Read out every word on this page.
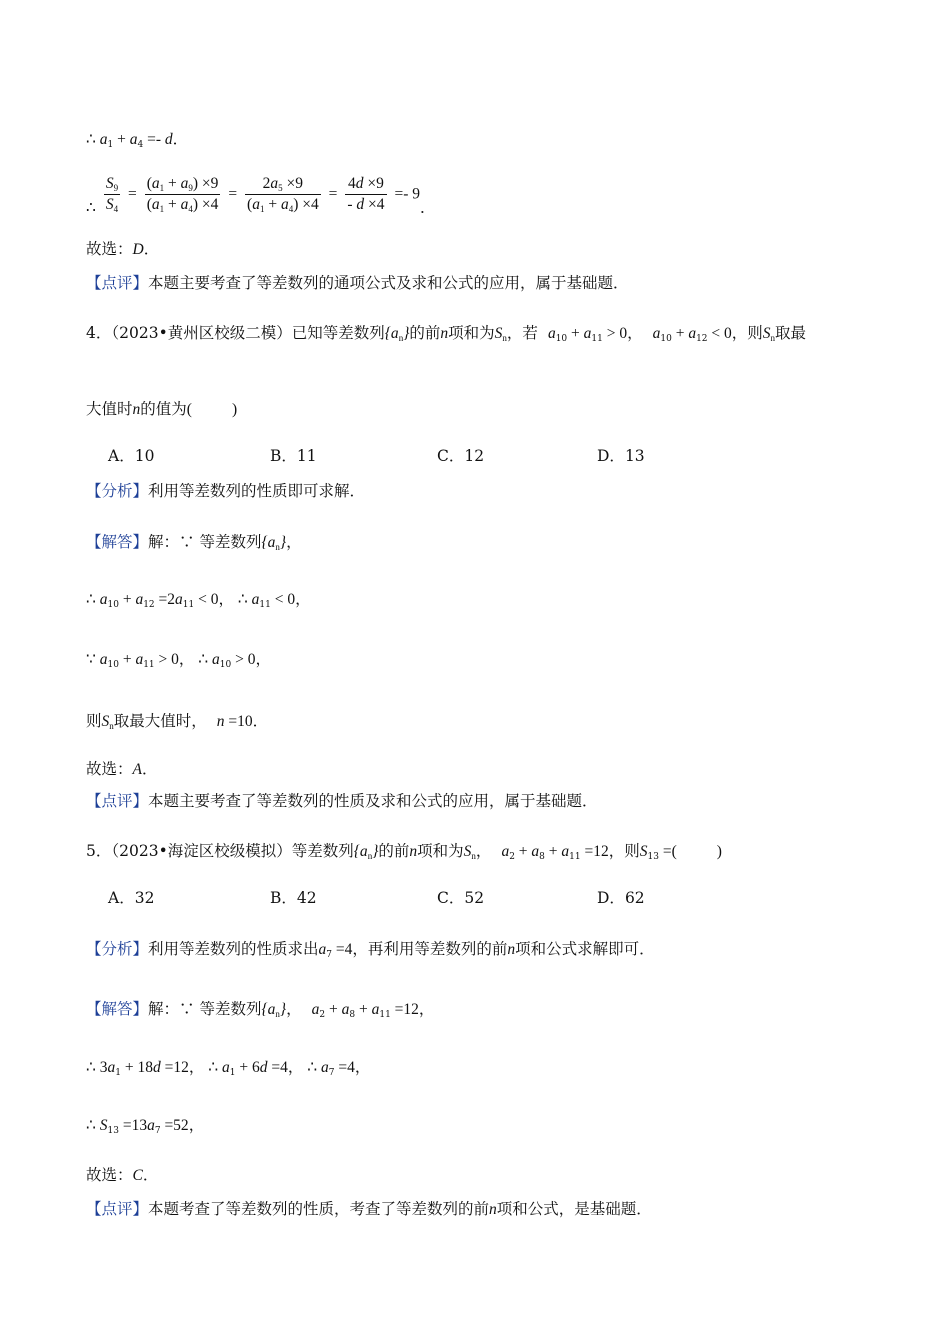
∴ $a_1 + a_4 =- d$．
∴ $\frac{S_9}{S_4} = \frac{(a_1 + a_9) \times 9}{(a_1 + a_4) \times 4} = \frac{2a_5 \times 9}{(a_1 + a_4) \times 4} = \frac{4d \times 9}{- d \times 4} =- 9$．
故选：D．
【点评】本题主要考查了等差数列的通项公式及求和公式的应用，属于基础题．
4．（2023•黄州区校级二模）已知等差数列$\{a_n\}$的前n项和为$S_n$，若 $a_{10} + a_{11} > 0$， $a_{10} + a_{12} < 0$，则$S_n$取最
大值时n的值为(	)
A．10	B．11	C．12	D．13
【分析】利用等差数列的性质即可求解．
【解答】解：∵ 等差数列$\{a_n\}$，
∴ $a_{10} + a_{12} =2a_{11} < 0$， ∴ $a_{11} < 0$，
∵ $a_{10} + a_{11} > 0$， ∴ $a_{10} > 0$，
则$S_n$取最大值时， n =10．
故选：A．
【点评】本题主要考查了等差数列的性质及求和公式的应用，属于基础题．
5．（2023•海淀区校级模拟）等差数列$\{a_n\}$的前n项和为$S_n$， $a_2 + a_8 + a_{11} =12$，则$S_{13}$ =(	)
A．32	B．42	C．52	D．62
【分析】利用等差数列的性质求出$a_7 =4$，再利用等差数列的前n项和公式求解即可．
【解答】解：∵ 等差数列$\{a_n\}$， $a_2 + a_8 + a_{11} =12$，
∴ $3a_1 + 18d =12$， ∴ $a_1 + 6d =4$， ∴ $a_7 =4$，
∴ $S_{13} =13a_7 =52$，
故选：C．
【点评】本题考查了等差数列的性质，考查了等差数列的前n项和公式，是基础题．
